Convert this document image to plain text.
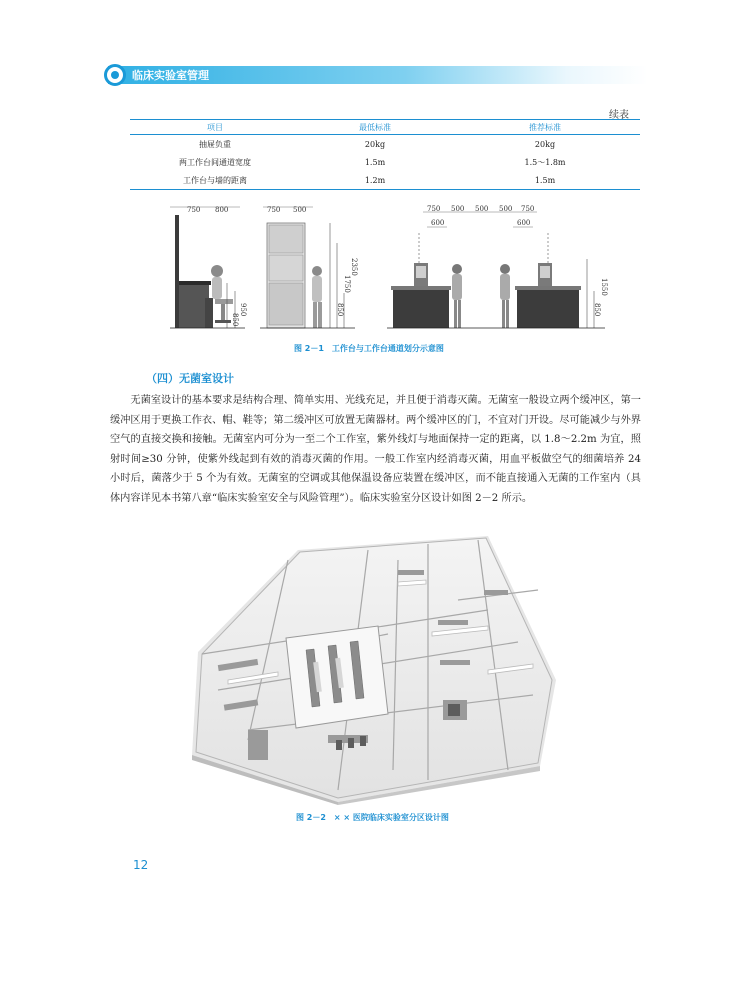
临床实验室管理
续表
项目	最低标准	推荐标准
抽屉负重	20kg	20kg
两工作台间通道宽度	1.5m	1.5～1.8m
工作台与墙的距离	1.2m	1.5m
750 800
850
950
750 500
2350
1750
850
750 500 500 500 750
600	600
1550
850
图 2－1　工作台与工作台通道划分示意图
（四）无菌室设计

无菌室设计的基本要求是结构合理、简单实用、光线充足，并且便于消毒灭菌。无菌室一般设立两个缓冲区，第一缓冲区用于更换工作衣、帽、鞋等；第二缓冲区可放置无菌器材。两个缓冲区的门，不宜对门开设。尽可能减少与外界空气的直接交换和接触。无菌室内可分为一至二个工作室，紫外线灯与地面保持一定的距离，以 1.8～2.2m 为宜，照射时间≥30 分钟，使紫外线起到有效的消毒灭菌的作用。一般工作室内经消毒灭菌，用血平板做空气的细菌培养 24 小时后，菌落少于 5 个为有效。无菌室的空调或其他保温设备应装置在缓冲区，而不能直接通入无菌的工作室内（具体内容详见本书第八章“临床实验室安全与风险管理”）。临床实验室分区设计如图 2－2 所示。

图 2－2　× × 医院临床实验室分区设计图
12
